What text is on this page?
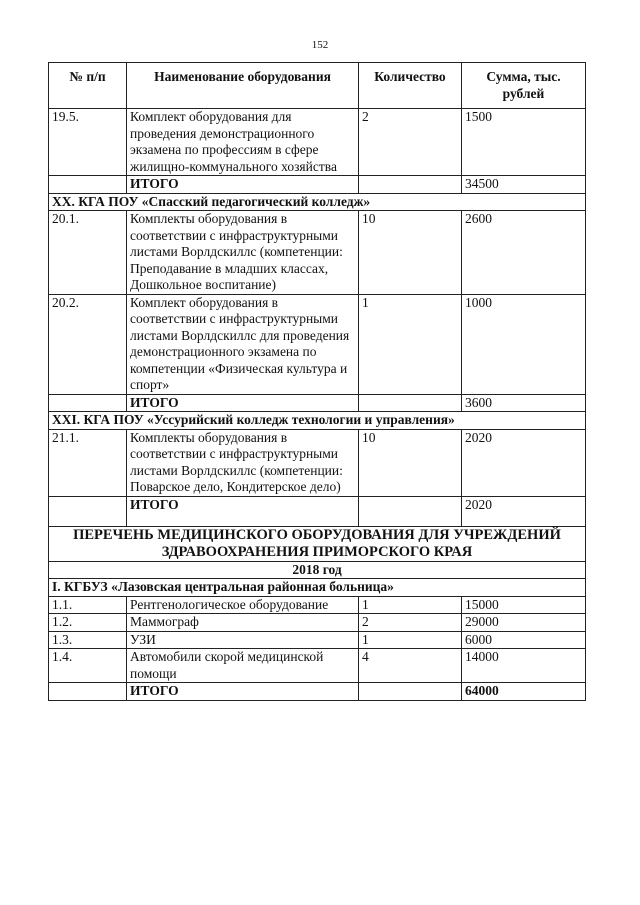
152
№ п/п	Наименование оборудования	Количество	Сумма, тыс. рублей
19.5.	Комплект оборудования для проведения демонстрационного экзамена по профессиям в сфере жилищно-коммунального хозяйства	2	1500
	ИТОГО		34500
XX. КГА ПОУ «Спасский педагогический колледж»			
20.1.	Комплекты оборудования в соответствии с инфраструктурными листами Ворлдскиллс (компетенции: Преподавание в младших классах, Дошкольное воспитание)	10	2600
20.2.	Комплект оборудования в соответствии с инфраструктурными листами Ворлдскиллс для проведения демонстрационного экзамена по компетенции «Физическая культура и спорт»	1	1000
	ИТОГО		3600
XXI. КГА ПОУ «Уссурийский колледж технологии и управления»			
21.1.	Комплекты оборудования в соответствии с инфраструктурными листами Ворлдскиллс (компетенции: Поварское дело, Кондитерское дело)	10	2020
	ИТОГО		2020
ПЕРЕЧЕНЬ МЕДИЦИНСКОГО ОБОРУДОВАНИЯ ДЛЯ УЧРЕЖДЕНИЙ ЗДРАВООХРАНЕНИЯ ПРИМОРСКОГО КРАЯ			
2018 год			
I. КГБУЗ «Лазовская центральная районная больница»			
1.1.	Рентгенологическое оборудование	1	15000
1.2.	Маммограф	2	29000
1.3.	УЗИ	1	6000
1.4.	Автомобили скорой медицинской помощи	4	14000
	ИТОГО		64000
